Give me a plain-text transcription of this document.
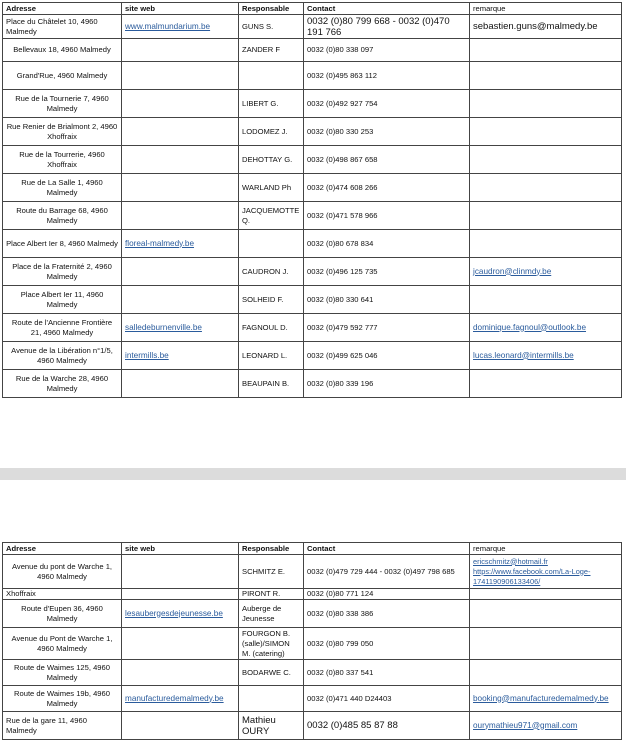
Adresse	site web	Responsable	Contact	remarque
Place du Châtelet 10, 4960 Malmedy	www.malmundarium.be	GUNS S.	0032 (0)80 799 668 - 0032 (0)470 191 766	sebastien.guns@malmedy.be
Bellevaux 18, 4960 Malmedy		ZANDER F	0032 (0)80 338 097	
Grand'Rue, 4960 Malmedy			0032 (0)495 863 112	
Rue de la Tournerie 7, 4960 Malmedy		LIBERT G.	0032 (0)492 927 754	
Rue Renier de Brialmont 2, 4960 Xhoffraix		LODOMEZ J.	0032 (0)80 330 253	
Rue de la Tourrerie, 4960 Xhoffraix		DEHOTTAY G.	0032 (0)498 867 658	
Rue de La Salle 1, 4960 Malmedy		WARLAND Ph	0032 (0)474 608 266	
Route du Barrage 68, 4960 Malmedy		JACQUEMOTTE Q.	0032 (0)471 578 966	
Place Albert Ier 8, 4960 Malmedy	floreal-malmedy.be		0032 (0)80 678 834	
Place de la Fraternité 2, 4960 Malmedy		CAUDRON J.	0032 (0)496 125 735	jcaudron@clinmdy.be
Place Albert Ier 11, 4960 Malmedy		SOLHEID F.	0032 (0)80 330 641	
Route de l'Ancienne Frontière 21, 4960 Malmedy	salledeburnenville.be	FAGNOUL D.	0032 (0)479 592 777	dominique.fagnoul@outlook.be
Avenue de la Libération n°1/5, 4960 Malmedy	intermills.be	LEONARD L.	0032 (0)499 625 046	lucas.leonard@intermills.be
Rue de la Warche 28, 4960 Malmedy		BEAUPAIN B.	0032 (0)80 339 196	
Adresse	site web	Responsable	Contact	remarque
Avenue du pont de Warche 1, 4960 Malmedy		SCHMITZ E.	0032 (0)479 729 444 - 0032 (0)497 798 685	ericschmitz@hotmail.fr https://www.facebook.com/La-Loge-1741190906133406/
Xhoffraix		PIRONT R.	0032 (0)80 771 124	
Route d'Eupen 36, 4960 Malmedy	lesaubergesdejeunesse.be	Auberge de Jeunesse	0032 (0)80 338 386	
Avenue du Pont de Warche 1, 4960 Malmedy		FOURGON B. (salle)/SIMON M. (catering)	0032 (0)80 799 050	
Route de Waimes 125, 4960 Malmedy		BODARWE C.	0032 (0)80 337 541	
Route de Waimes 19b, 4960 Malmedy	manufacturedemalmedy.be		0032 (0)471 440 D24403	booking@manufacturedemalmedy.be
Rue de la gare 11, 4960 Malmedy		Mathieu OURY	0032 (0)485 85 87 88	ourymathieu971@gmail.com
